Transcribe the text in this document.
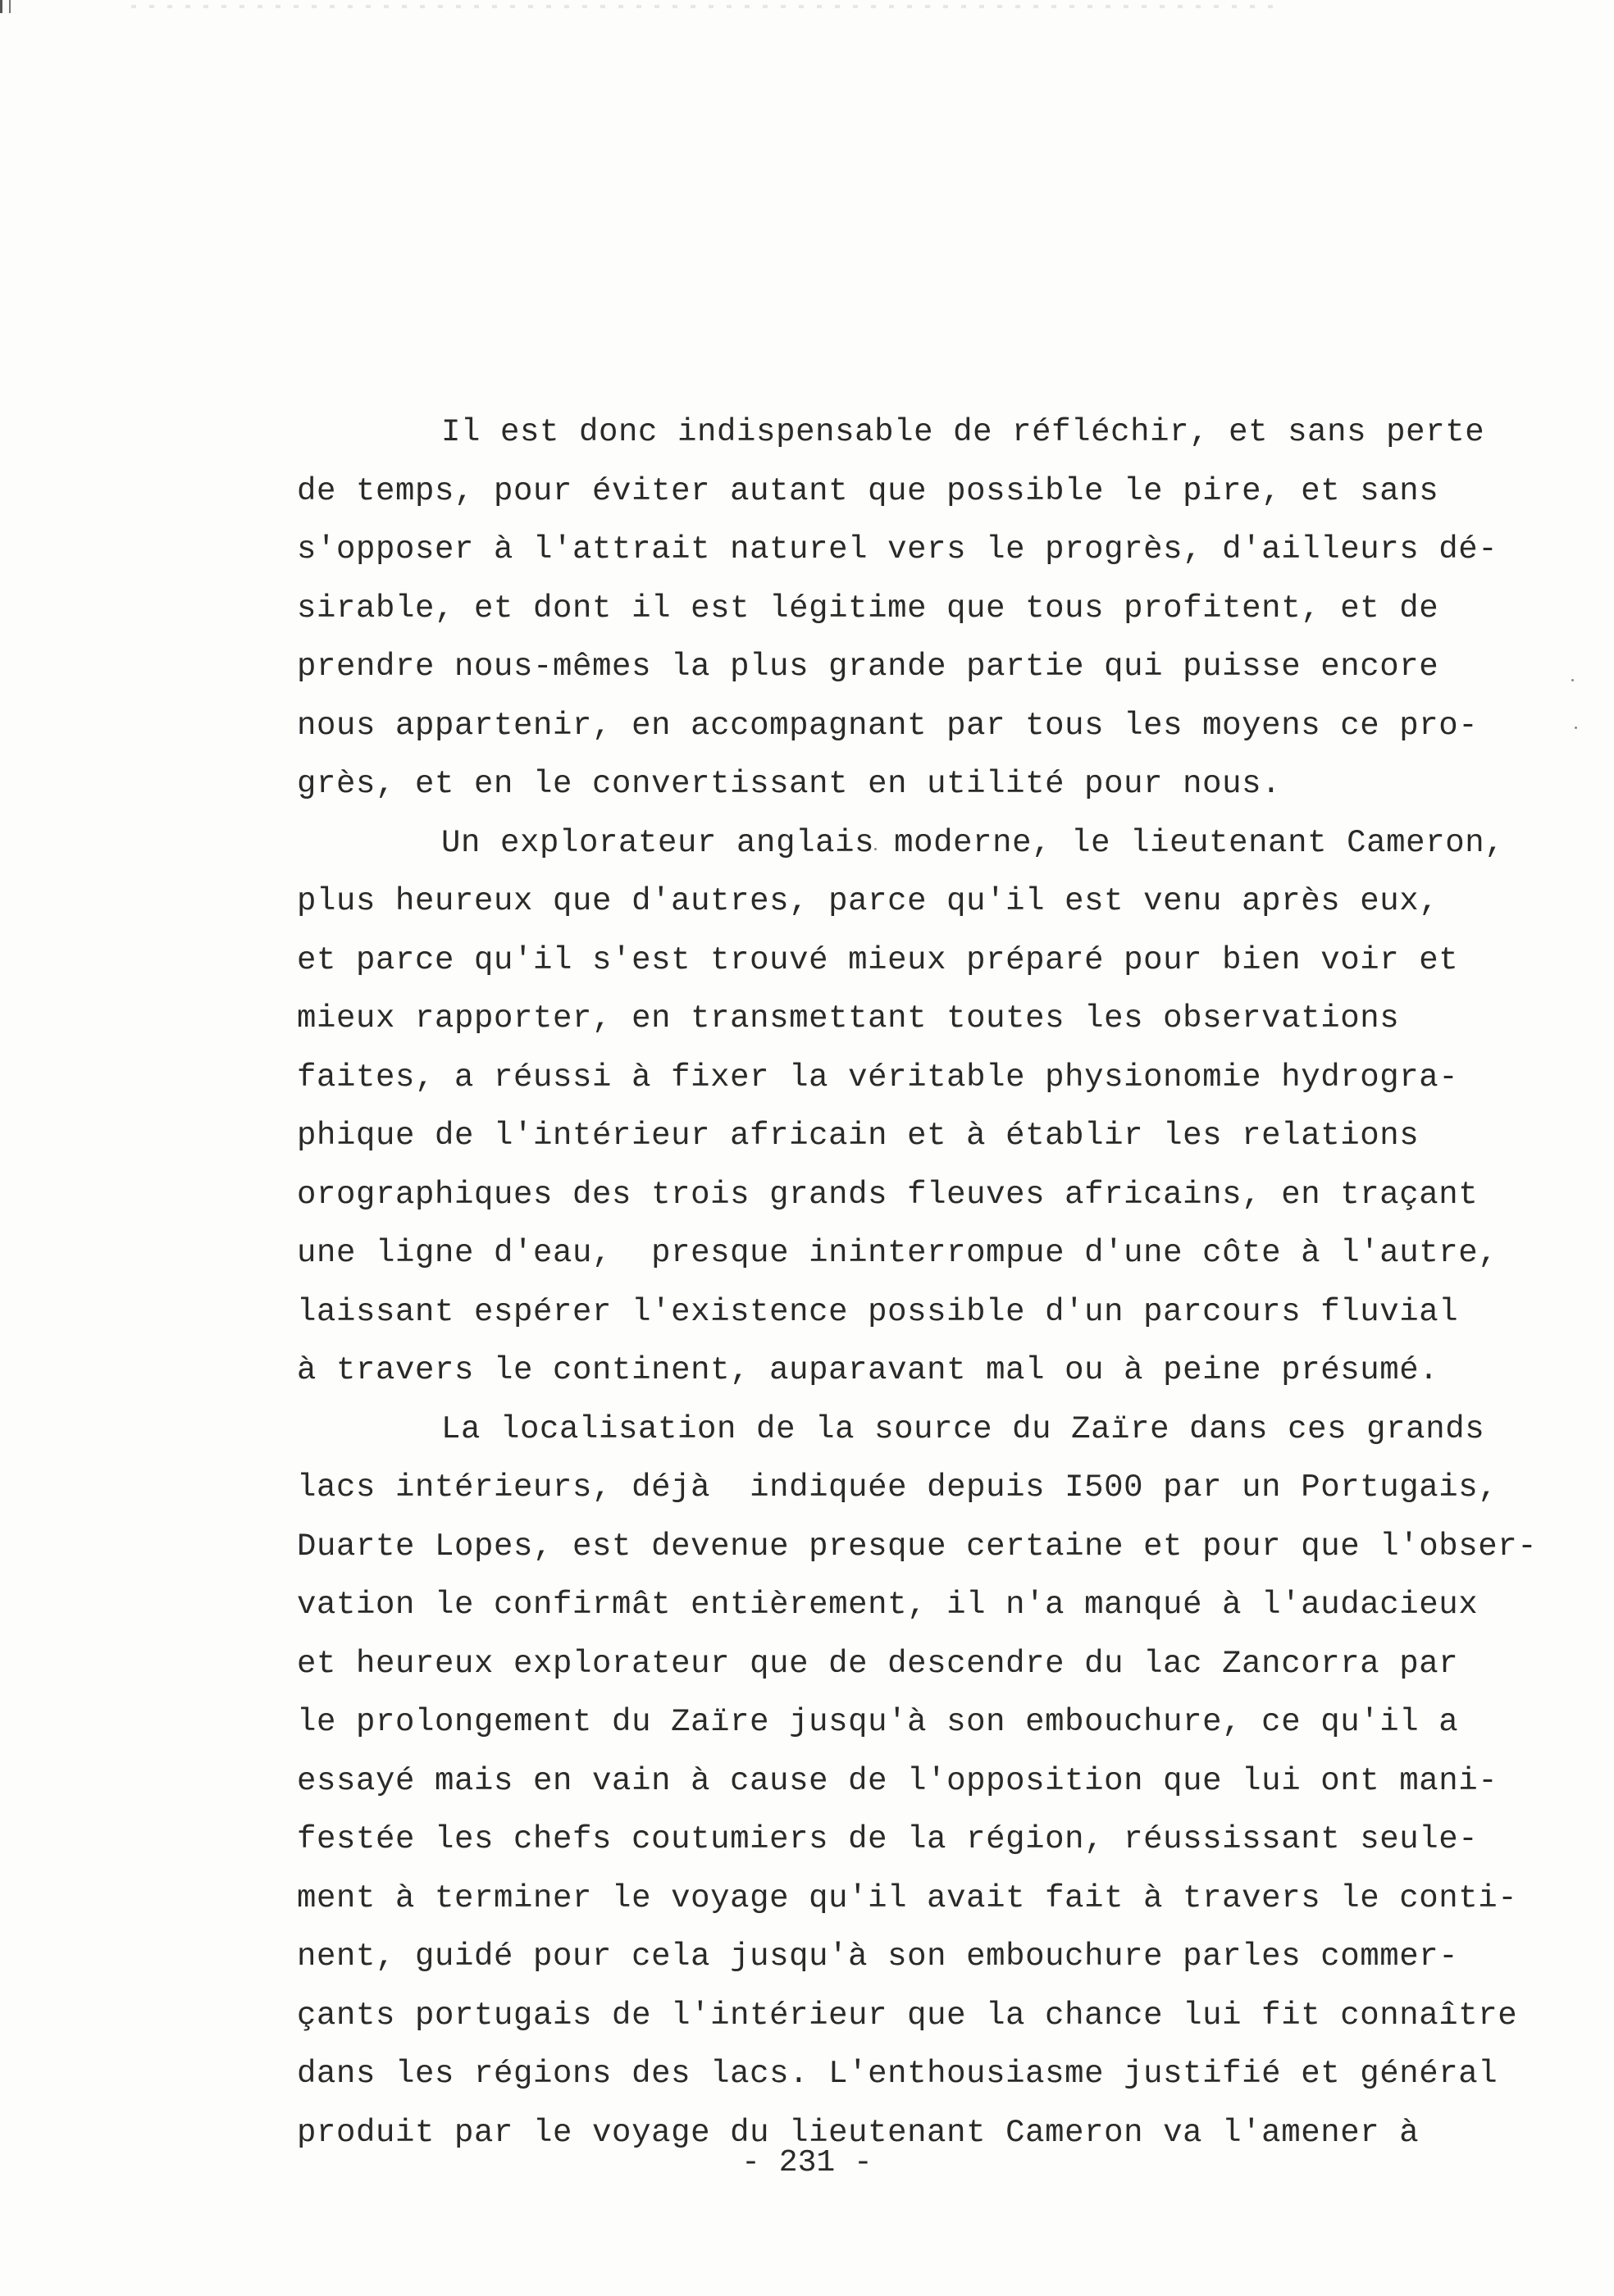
Il est donc indispensable de réfléchir, et sans perte
de temps, pour éviter autant que possible le pire, et sans
s'opposer à l'attrait naturel vers le progrès, d'ailleurs dé-
sirable, et dont il est légitime que tous profitent, et de
prendre nous-mêmes la plus grande partie qui puisse encore
nous appartenir, en accompagnant par tous les moyens ce pro-
grès, et en le convertissant en utilité pour nous.
Un explorateur anglais moderne, le lieutenant Cameron,
plus heureux que d'autres, parce qu'il est venu après eux,
et parce qu'il s'est trouvé mieux préparé pour bien voir et
mieux rapporter, en transmettant toutes les observations
faites, a réussi à fixer la véritable physionomie hydrogra-
phique de l'intérieur africain et à établir les relations
orographiques des trois grands fleuves africains, en traçant
une ligne d'eau,  presque ininterrompue d'une côte à l'autre,
laissant espérer l'existence possible d'un parcours fluvial
à travers le continent, auparavant mal ou à peine présumé.
La localisation de la source du Zaïre dans ces grands
lacs intérieurs, déjà  indiquée depuis I500 par un Portugais,
Duarte Lopes, est devenue presque certaine et pour que l'obser-
vation le confirmât entièrement, il n'a manqué à l'audacieux
et heureux explorateur que de descendre du lac Zancorra par
le prolongement du Zaïre jusqu'à son embouchure, ce qu'il a
essayé mais en vain à cause de l'opposition que lui ont mani-
festée les chefs coutumiers de la région, réussissant seule-
ment à terminer le voyage qu'il avait fait à travers le conti-
nent, guidé pour cela jusqu'à son embouchure parles commer-
çants portugais de l'intérieur que la chance lui fit connaître
dans les régions des lacs. L'enthousiasme justifié et général
produit par le voyage du lieutenant Cameron va l'amener à
- 231 -
